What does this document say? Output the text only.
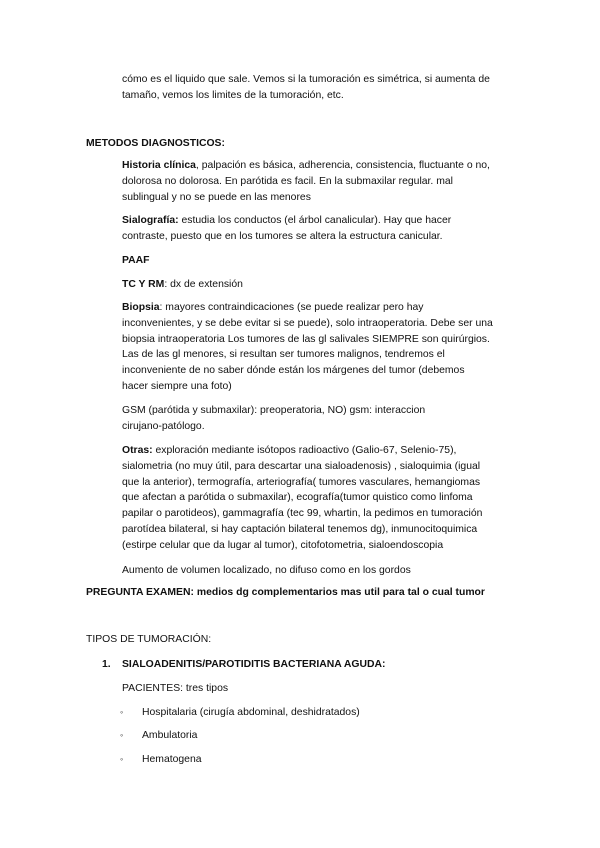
cómo es el liquido que sale. Vemos si la tumoración es simétrica, si aumenta de
tamaño, vemos los limites de la tumoración, etc.

METODOS DIAGNOSTICOS:

Historia clínica, palpación es básica, adherencia, consistencia, fluctuante o no,
dolorosa no dolorosa. En parótida es facil. En la submaxilar regular. mal
sublingual y no se puede en las menores

Sialografía: estudia los conductos (el árbol canalicular). Hay que hacer
contraste, puesto que en los tumores se altera la estructura canicular.

PAAF

TC Y RM: dx de extensión

Biopsia: mayores contraindicaciones (se puede realizar pero hay
inconvenientes, y se debe evitar si se puede), solo intraoperatoria. Debe ser una
biopsia intraoperatoria Los tumores de las gl salivales SIEMPRE son quirúrgios.
Las de las gl menores, si resultan ser tumores malignos, tendremos el
inconveniente de no saber dónde están los márgenes del tumor (debemos
hacer siempre una foto)

GSM (parótida y submaxilar): preoperatoria, NO) gsm: interaccion
cirujano-patólogo.

Otras: exploración mediante isótopos radioactivo (Galio-67, Selenio-75),
sialometria (no muy útil, para descartar una sialoadenosis) , sialoquimia (igual
que la anterior), termografía, arteriografía( tumores vasculares, hemangiomas
que afectan a parótida o submaxilar), ecografía(tumor quistico como linfoma
papilar o parotideos), gammagrafía (tec 99, whartin, la pedimos en tumoración
parotídea bilateral, si hay captación bilateral tenemos dg), inmunocitoquimica
(estirpe celular que da lugar al tumor), citofotometria, sialoendoscopia

Aumento de volumen localizado, no difuso como en los gordos

PREGUNTA EXAMEN: medios dg complementarios mas util para tal o cual tumor

TIPOS DE TUMORACIÓN:

1. SIALOADENITIS/PAROTIDITIS BACTERIANA AGUDA:

PACIENTES: tres tipos

◦ Hospitalaria (cirugía abdominal, deshidratados)
◦ Ambulatoria
◦ Hematogena
